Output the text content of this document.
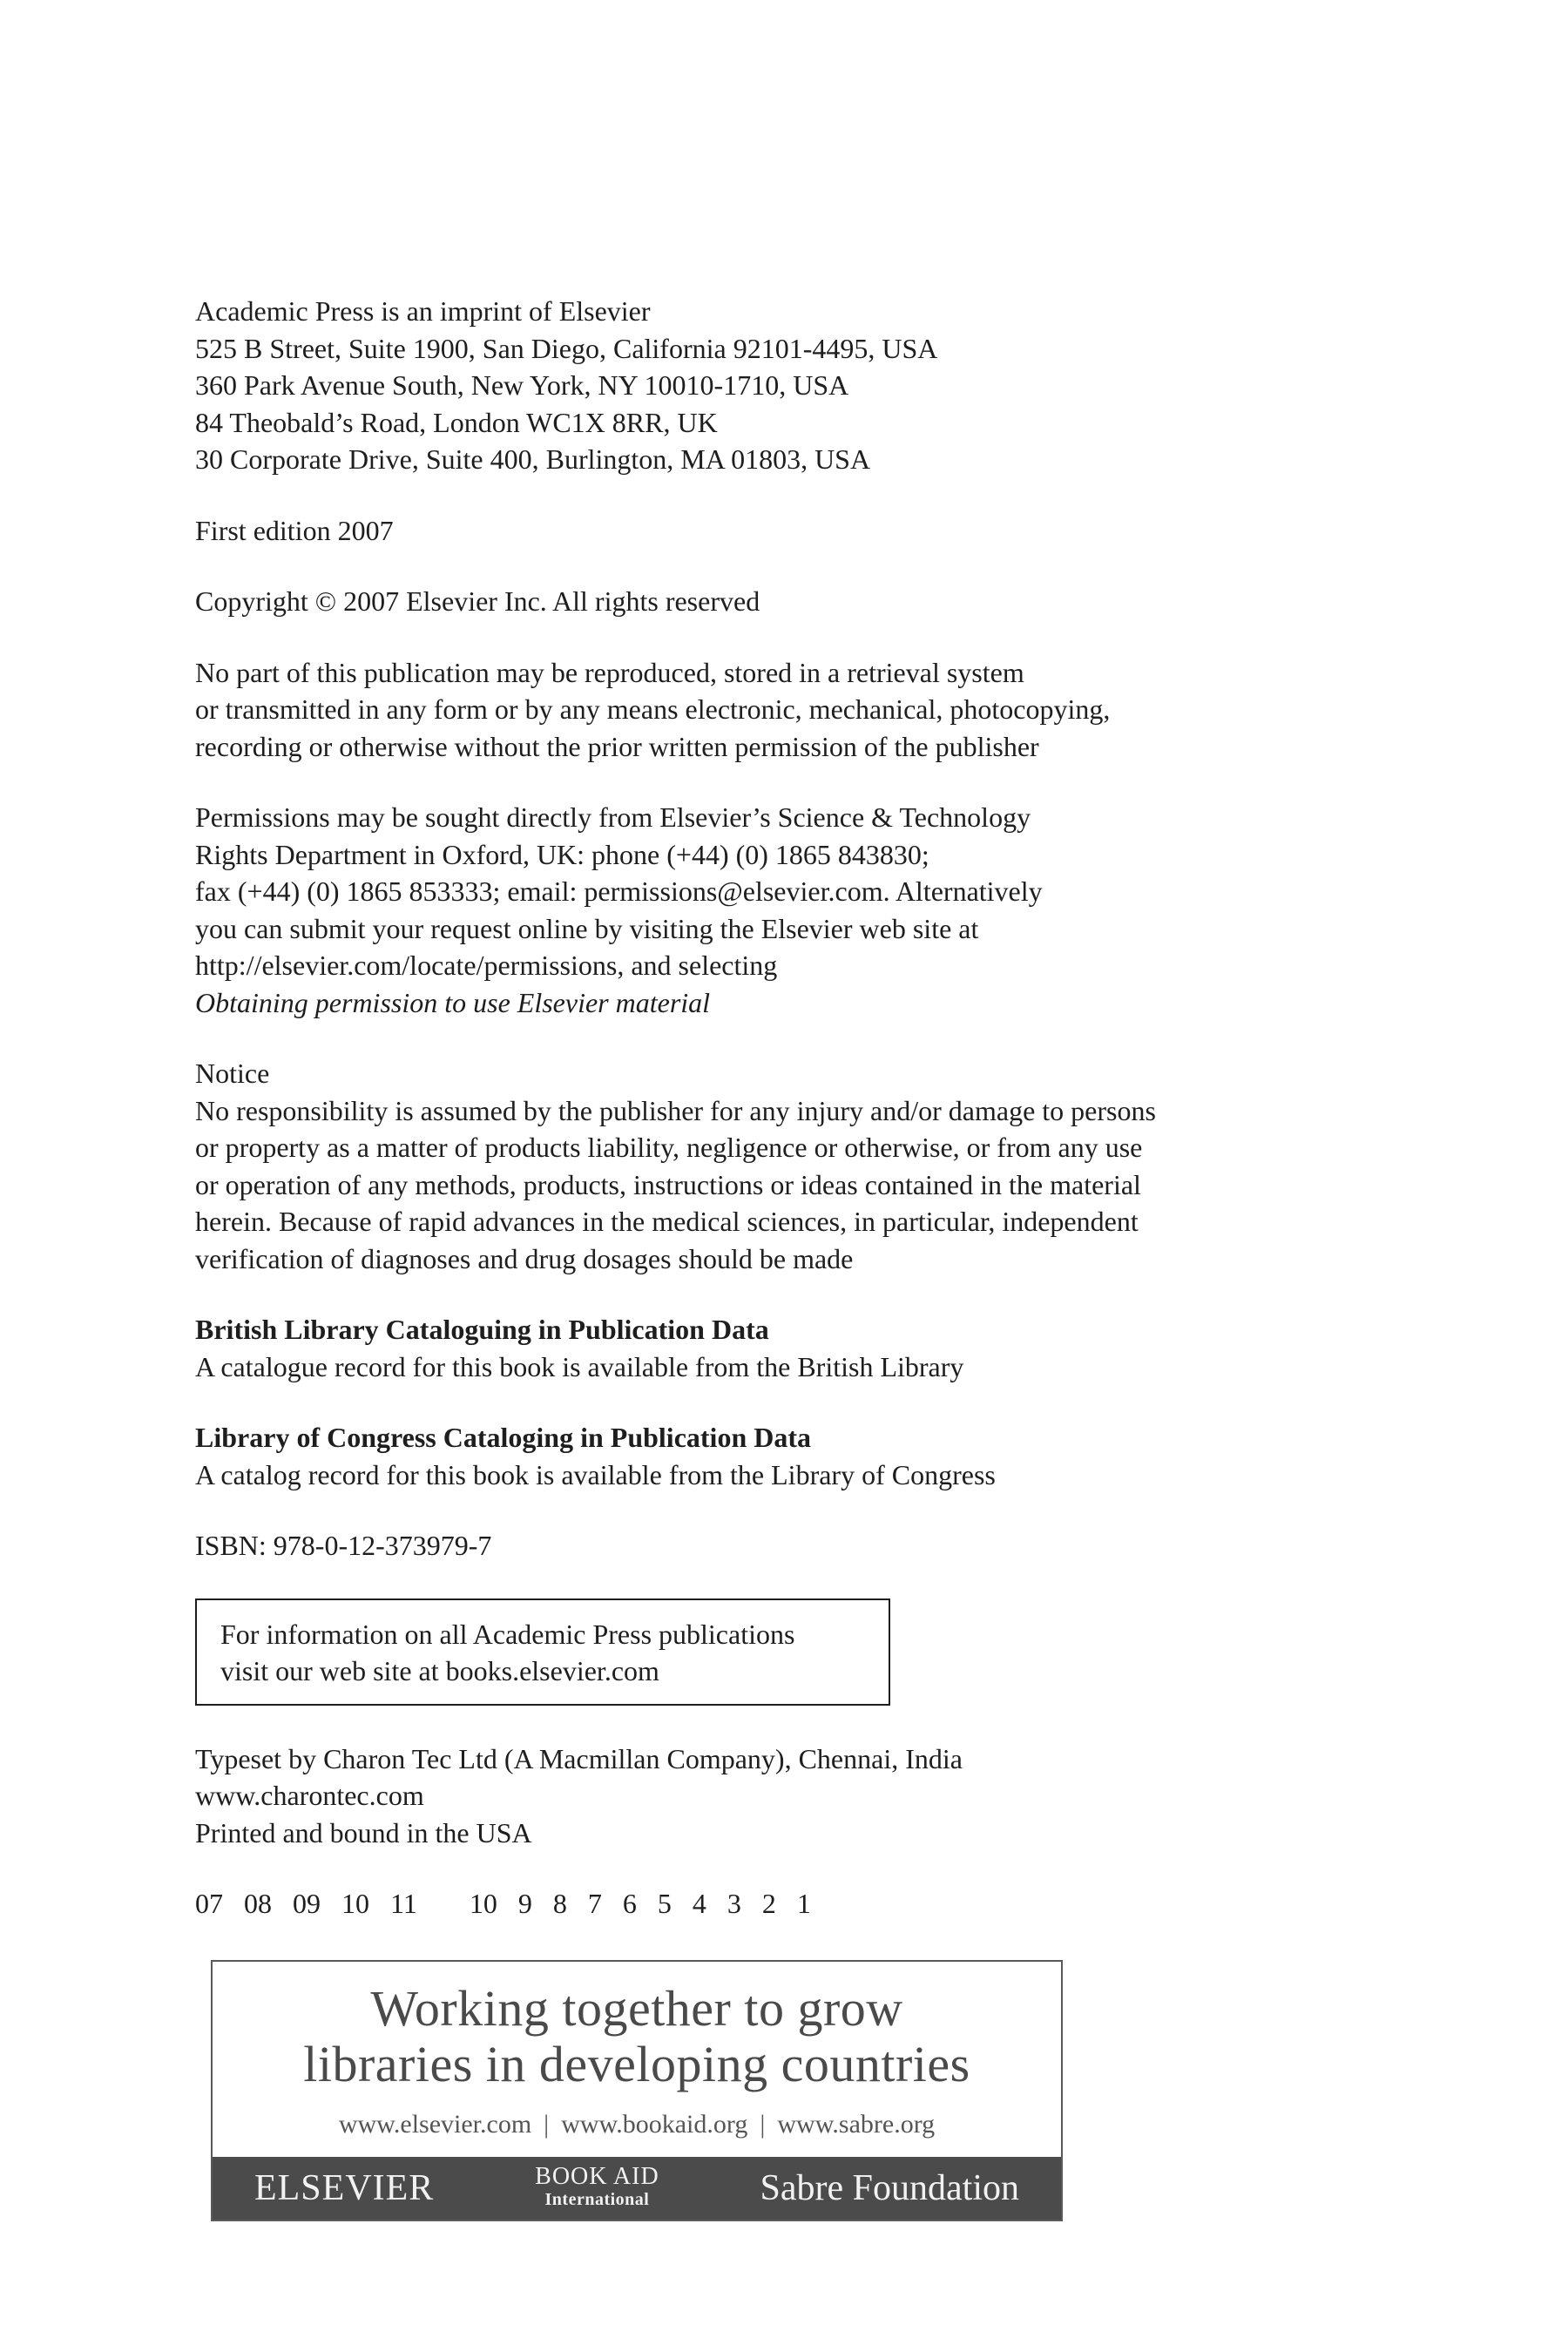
Academic Press is an imprint of Elsevier
525 B Street, Suite 1900, San Diego, California 92101-4495, USA
360 Park Avenue South, New York, NY 10010-1710, USA
84 Theobald’s Road, London WC1X 8RR, UK
30 Corporate Drive, Suite 400, Burlington, MA 01803, USA
First edition 2007
Copyright © 2007 Elsevier Inc. All rights reserved
No part of this publication may be reproduced, stored in a retrieval system
or transmitted in any form or by any means electronic, mechanical, photocopying,
recording or otherwise without the prior written permission of the publisher
Permissions may be sought directly from Elsevier’s Science & Technology
Rights Department in Oxford, UK: phone (+44) (0) 1865 843830;
fax (+44) (0) 1865 853333; email: permissions@elsevier.com. Alternatively
you can submit your request online by visiting the Elsevier web site at
http://elsevier.com/locate/permissions, and selecting
Obtaining permission to use Elsevier material
Notice
No responsibility is assumed by the publisher for any injury and/or damage to persons
or property as a matter of products liability, negligence or otherwise, or from any use
or operation of any methods, products, instructions or ideas contained in the material
herein. Because of rapid advances in the medical sciences, in particular, independent
verification of diagnoses and drug dosages should be made
British Library Cataloguing in Publication Data
A catalogue record for this book is available from the British Library
Library of Congress Cataloging in Publication Data
A catalog record for this book is available from the Library of Congress
ISBN: 978-0-12-373979-7
For information on all Academic Press publications
visit our web site at books.elsevier.com
Typeset by Charon Tec Ltd (A Macmillan Company), Chennai, India
www.charontec.com
Printed and bound in the USA
07  08  09  10  11     10  9  8  7  6  5  4  3  2  1
Working together to grow
libraries in developing countries
www.elsevier.com | www.bookaid.org | www.sabre.org
ELSEVIER	BOOK AID
International	Sabre Foundation
